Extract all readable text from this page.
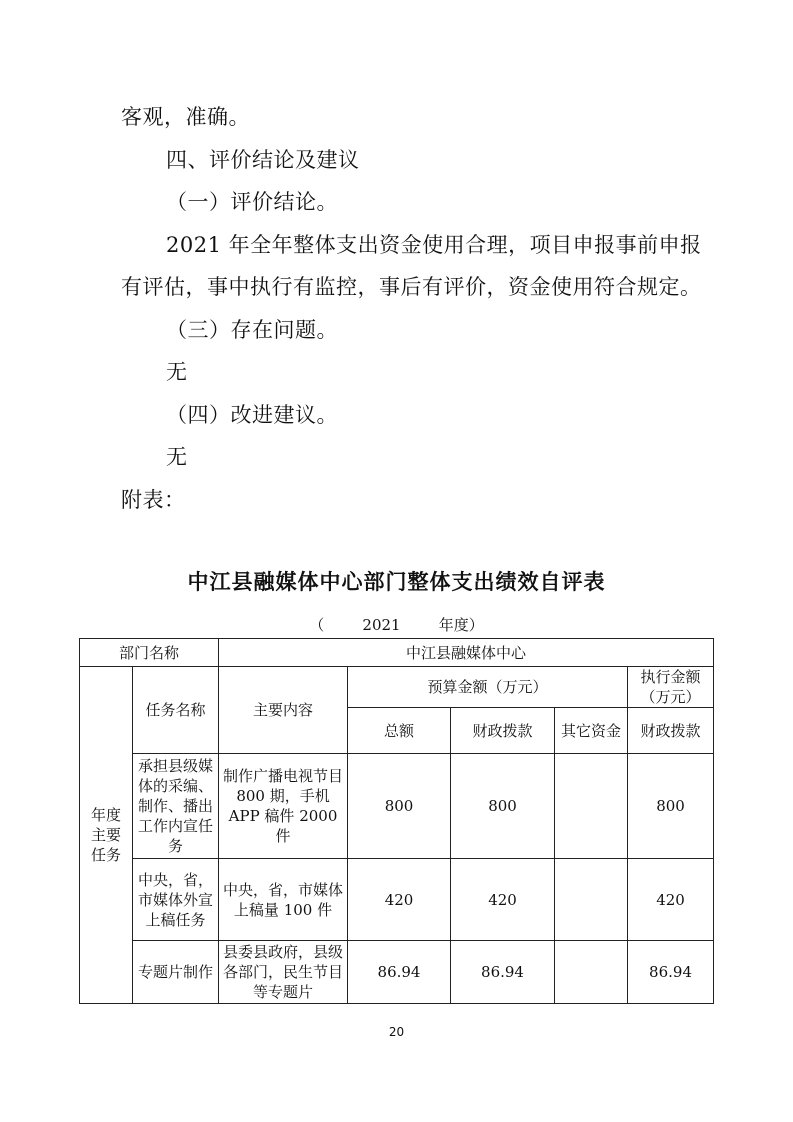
客观，准确。
四、评价结论及建议
（一）评价结论。
2021 年全年整体支出资金使用合理，项目申报事前申报
有评估，事中执行有监控，事后有评价，资金使用符合规定。
（三）存在问题。
无
（四）改进建议。
无
附表：
中江县融媒体中心部门整体支出绩效自评表
（	2021	年度）
部门名称		中江县融媒体中心				

年度主要任务	任务名称	主要内容	预算金额（万元）			执行金额（万元）

			总额	财政拨款	其它资金	财政拨款
	承担县级媒体的采编、制作、播出工作内宣任务	制作广播电视节目 800 期，手机 APP 稿件 2000 件	800	800		800
	中央，省，市媒体外宣上稿任务	中央，省，市媒体上稿量 100 件	420	420		420
	专题片制作	县委县政府，县级各部门，民生节目等专题片	86.94	86.94		86.94
20
